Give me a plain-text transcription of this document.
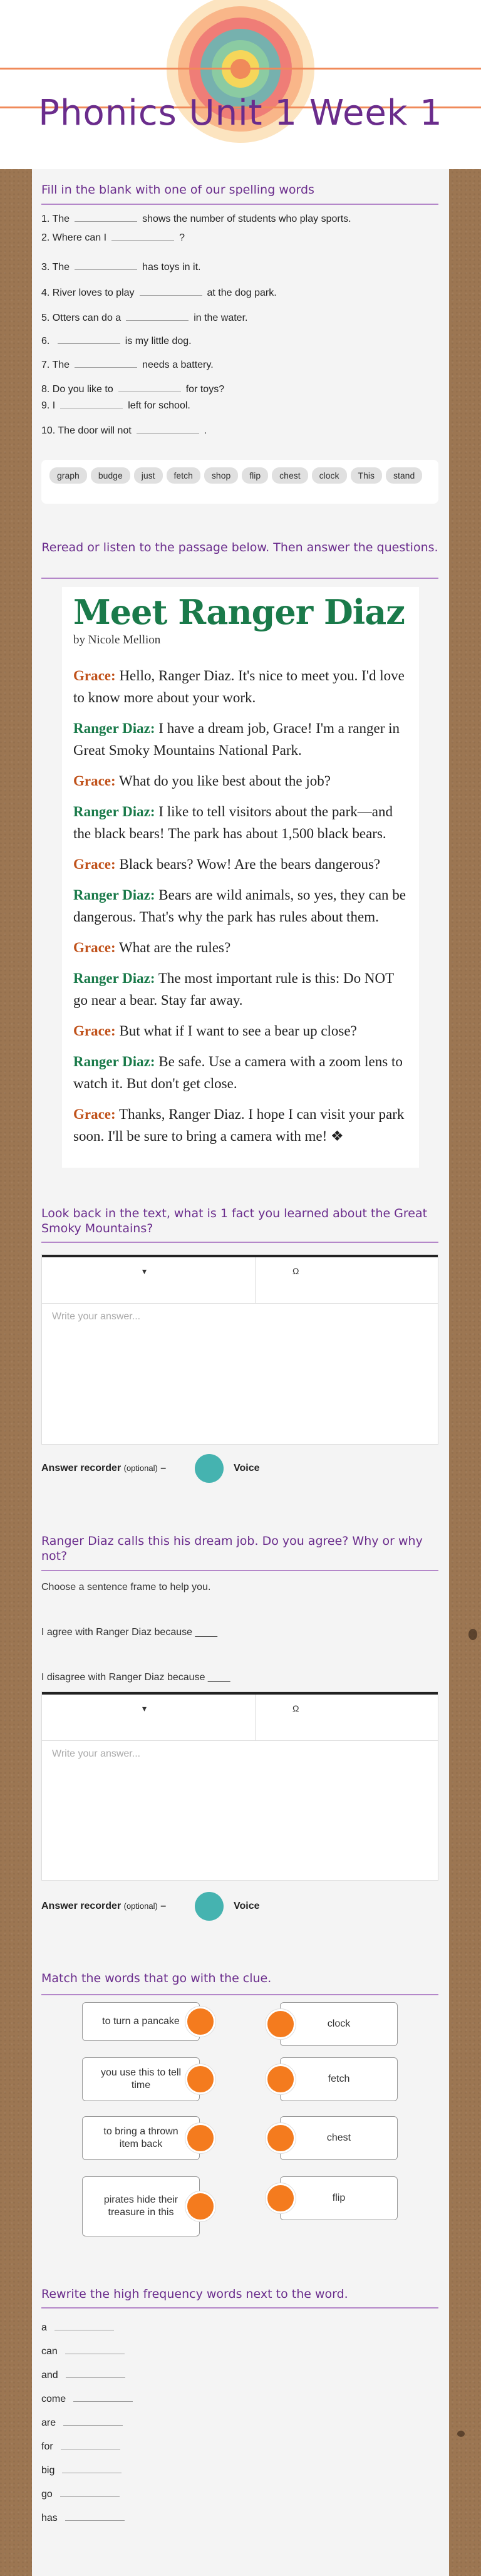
Phonics Unit 1 Week 1
Fill in the blank with one of our spelling words
1. The	shows the number of students who play sports.
2. Where can I	?
3. The	has toys in it.
4. River loves to play	at the dog park.
5. Otters can do a	in the water.
6.	is my little dog.
7. The	needs a battery.
8. Do you like to	for toys?
9. I	left for school.
10. The door will not	.
graph budge just fetch shop flip chest clock This stand
Reread or listen to the passage below. Then answer the questions.
Meet Ranger Diaz
by Nicole Mellion
Grace: Hello, Ranger Diaz. It's nice to meet you. I'd love to know more about your work.
Ranger Diaz: I have a dream job, Grace! I'm a ranger in Great Smoky Mountains National Park.
Grace: What do you like best about the job?
Ranger Diaz: I like to tell visitors about the park—and the black bears! The park has about 1,500 black bears.
Grace: Black bears? Wow! Are the bears dangerous?
Ranger Diaz: Bears are wild animals, so yes, they can be dangerous. That's why the park has rules about them.
Grace: What are the rules?
Ranger Diaz: The most important rule is this: Do NOT go near a bear. Stay far away.
Grace: But what if I want to see a bear up close?
Ranger Diaz: Be safe. Use a camera with a zoom lens to watch it. But don't get close.
Grace: Thanks, Ranger Diaz. I hope I can visit your park soon. I'll be sure to bring a camera with me! ❖
Look back in the text, what is 1 fact you learned about the Great Smoky Mountains?
▾	Ω
Write your answer...
Answer recorder (optional) –	Voice
Ranger Diaz calls this his dream job. Do you agree? Why or why not?
Choose a sentence frame to help you.
I agree with Ranger Diaz because ____
I disagree with Ranger Diaz because ____
▾	Ω
Write your answer...
Answer recorder (optional) –	Voice
Match the words that go with the clue.
to turn a pancake
you use this to tell time
to bring a thrown item back
pirates hide their treasure in this
clock
fetch
chest
flip
Rewrite the high frequency words next to the word.
a
can
and
come
are
for
big
go
has
